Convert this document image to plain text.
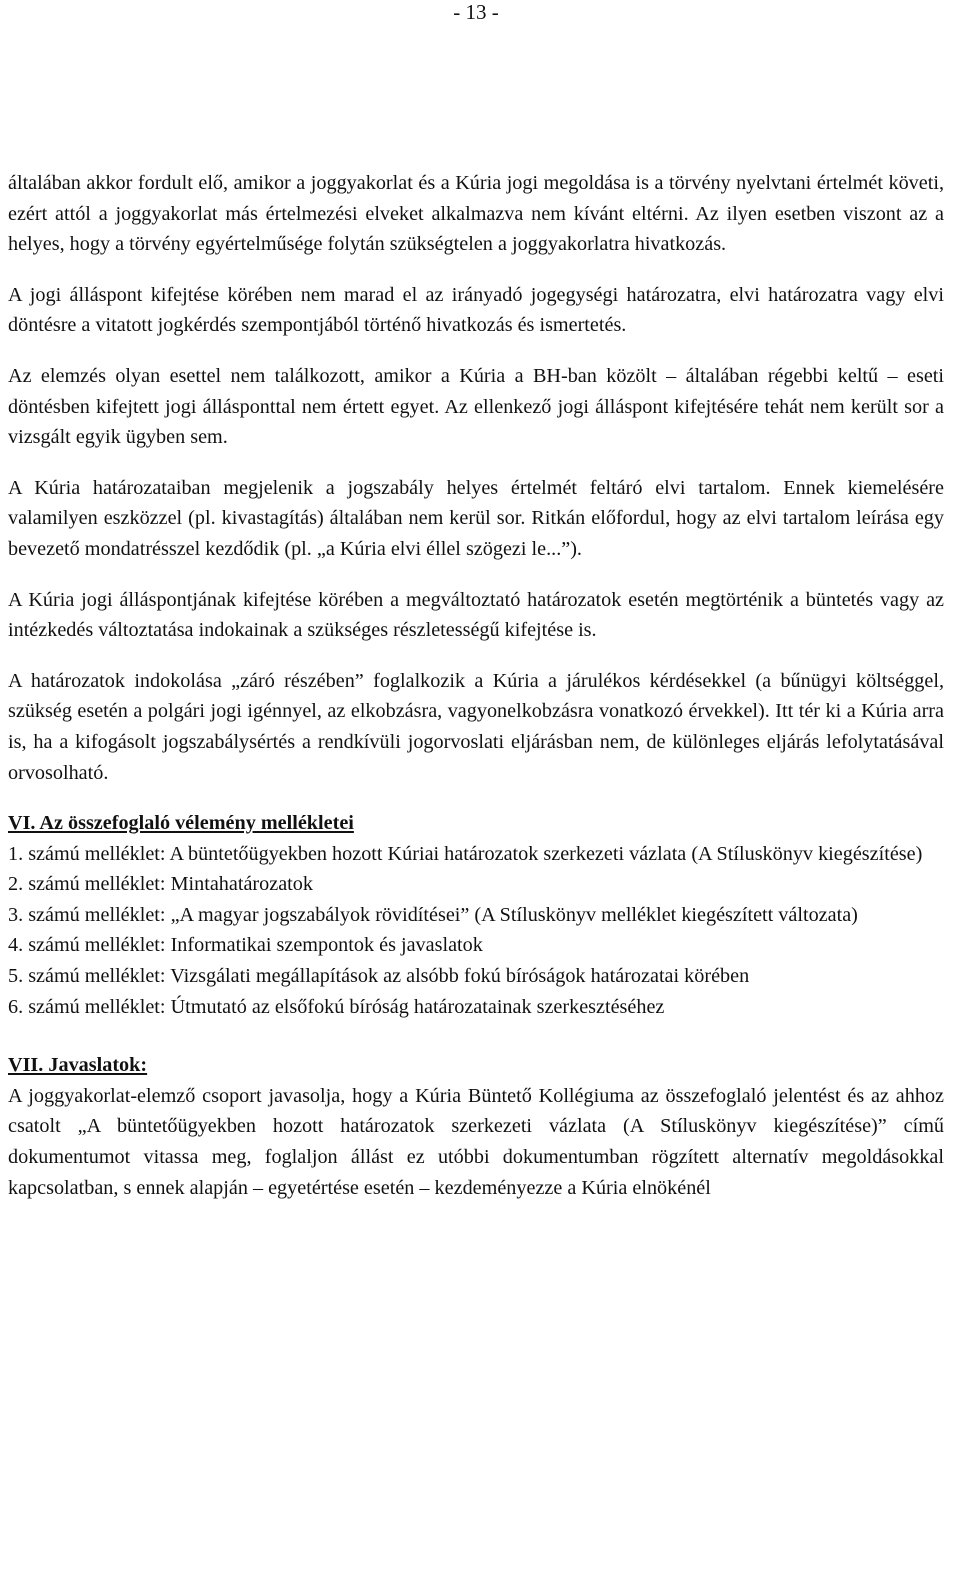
- 13 -

általában akkor fordult elő, amikor a joggyakorlat és a Kúria jogi megoldása is a törvény nyelvtani értelmét követi, ezért attól a joggyakorlat más értelmezési elveket alkalmazva nem kívánt eltérni. Az ilyen esetben viszont az a helyes, hogy a törvény egyértelműsége folytán szükségtelen a joggyakorlatra hivatkozás.

A jogi álláspont kifejtése körében nem marad el az irányadó jogegységi határozatra, elvi határozatra vagy elvi döntésre a vitatott jogkérdés szempontjából történő hivatkozás és ismertetés.

Az elemzés olyan esettel nem találkozott, amikor a Kúria a BH-ban közölt – általában régebbi keltű – eseti döntésben kifejtett jogi állásponttal nem értett egyet. Az ellenkező jogi álláspont kifejtésére tehát nem került sor a vizsgált egyik ügyben sem.

A Kúria határozataiban megjelenik a jogszabály helyes értelmét feltáró elvi tartalom. Ennek kiemelésére valamilyen eszközzel (pl. kivastagítás) általában nem kerül sor. Ritkán előfordul, hogy az elvi tartalom leírása egy bevezető mondatrésszel kezdődik (pl. „a Kúria elvi éllel szögezi le...”).

A Kúria jogi álláspontjának kifejtése körében a megváltoztató határozatok esetén megtörténik a büntetés vagy az intézkedés változtatása indokainak a szükséges részletességű kifejtése is.

A határozatok indokolása „záró részében” foglalkozik a Kúria a járulékos kérdésekkel (a bűnügyi költséggel, szükség esetén a polgári jogi igénnyel, az elkobzásra, vagyonelkobzásra vonatkozó érvekkel). Itt tér ki a Kúria arra is, ha a kifogásolt jogszabálysértés a rendkívüli jogorvoslati eljárásban nem, de különleges eljárás lefolytatásával orvosolható.

VI. Az összefoglaló vélemény mellékletei

1. számú melléklet: A büntetőügyekben hozott Kúriai határozatok szerkezeti vázlata (A Stíluskönyv kiegészítése)

2. számú melléklet: Mintahatározatok

3. számú melléklet: „A magyar jogszabályok rövidítései” (A Stíluskönyv melléklet kiegészített változata)

4. számú melléklet: Informatikai szempontok és javaslatok

5. számú melléklet: Vizsgálati megállapítások az alsóbb fokú bíróságok határozatai körében

6. számú melléklet: Útmutató az elsőfokú bíróság határozatainak szerkesztéséhez

VII. Javaslatok:

A joggyakorlat-elemző csoport javasolja, hogy a Kúria Büntető Kollégiuma az összefoglaló jelentést és az ahhoz csatolt „A büntetőügyekben hozott határozatok szerkezeti vázlata (A Stíluskönyv kiegészítése)” című dokumentumot vitassa meg, foglaljon állást ez utóbbi dokumentumban rögzített alternatív megoldásokkal kapcsolatban, s ennek alapján – egyetértése esetén – kezdeményezze a Kúria elnökénél
